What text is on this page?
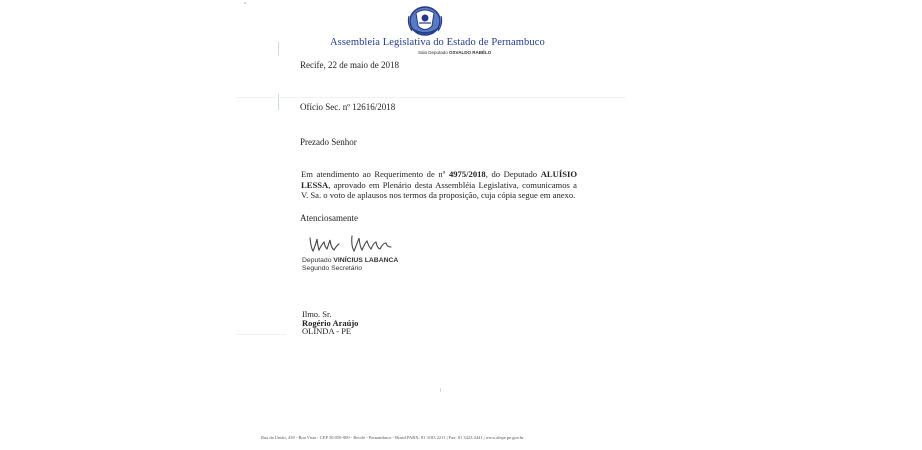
Assembleia Legislativa do Estado de Pernambuco
Sala Deputado OSVALDO RABÊLO
Recife, 22 de maio de 2018
Ofício Sec. nº 12616/2018
Prezado Senhor
Em atendimento ao Requerimento de nº 4975/2018, do Deputado ALUÍSIO LESSA, aprovado em Plenário desta Assembléia Legislativa, comunicamos a V. Sa. o voto de aplausos nos termos da proposição, cuja cópia segue em anexo.
Atenciosamente
Deputado VINÍCIUS LABANCA
Segundo Secretário
Ilmo. Sr.
Rogério Araújo
OLINDA - PE
Rua da União, 439 - Boa Vista - CEP 50.050-909 - Recife - Pernambuco - Brasil PABX: 81 3183.2211 | Fax: 81 3423.4441 | www.alepe.pe.gov.br
